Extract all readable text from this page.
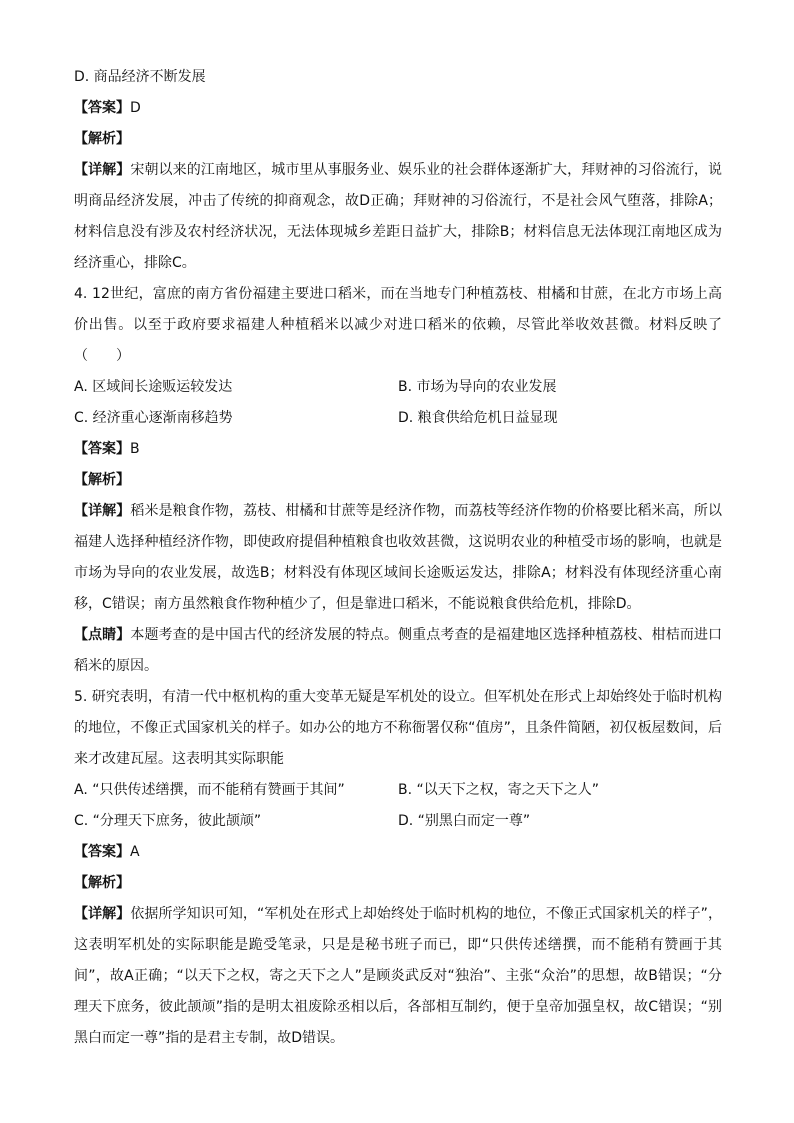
D. 商品经济不断发展
【答案】D
【解析】
【详解】宋朝以来的江南地区，城市里从事服务业、娱乐业的社会群体逐渐扩大，拜财神的习俗流行，说明商品经济发展，冲击了传统的抑商观念，故D正确；拜财神的习俗流行，不是社会风气堕落，排除A；材料信息没有涉及农村经济状况，无法体现城乡差距日益扩大，排除B；材料信息无法体现江南地区成为经济重心，排除C。
4. 12世纪，富庶的南方省份福建主要进口稻米，而在当地专门种植荔枝、柑橘和甘蔗，在北方市场上高价出售。以至于政府要求福建人种植稻米以减少对进口稻米的依赖，尽管此举收效甚微。材料反映了（　　）
A. 区域间长途贩运较发达	B. 市场为导向的农业发展
C. 经济重心逐渐南移趋势	D. 粮食供给危机日益显现
【答案】B
【解析】
【详解】稻米是粮食作物，荔枝、柑橘和甘蔗等是经济作物，而荔枝等经济作物的价格要比稻米高，所以福建人选择种植经济作物，即使政府提倡种植粮食也收效甚微，这说明农业的种植受市场的影响，也就是市场为导向的农业发展，故选B；材料没有体现区域间长途贩运发达，排除A；材料没有体现经济重心南移，C错误；南方虽然粮食作物种植少了，但是靠进口稻米，不能说粮食供给危机，排除D。
【点睛】本题考查的是中国古代的经济发展的特点。侧重点考查的是福建地区选择种植荔枝、柑桔而进口稻米的原因。
5. 研究表明，有清一代中枢机构的重大变革无疑是军机处的设立。但军机处在形式上却始终处于临时机构的地位，不像正式国家机关的样子。如办公的地方不称衙署仅称“值房”，且条件简陋，初仅板屋数间，后来才改建瓦屋。这表明其实际职能
A. “只供传述缮撰，而不能稍有赞画于其间”	B. “以天下之权，寄之天下之人”
C. “分理天下庶务，彼此颉颃”	D. “别黑白而定一尊”
【答案】A
【解析】
【详解】依据所学知识可知，“军机处在形式上却始终处于临时机构的地位，不像正式国家机关的样子”，这表明军机处的实际职能是跪受笔录，只是是秘书班子而已，即“只供传述缮撰，而不能稍有赞画于其间”，故A正确；“以天下之权，寄之天下之人”是顾炎武反对“独治”、主张“众治”的思想，故B错误；“分理天下庶务，彼此颉颃”指的是明太祖废除丞相以后，各部相互制约，便于皇帝加强皇权，故C错误；“别黑白而定一尊”指的是君主专制，故D错误。
